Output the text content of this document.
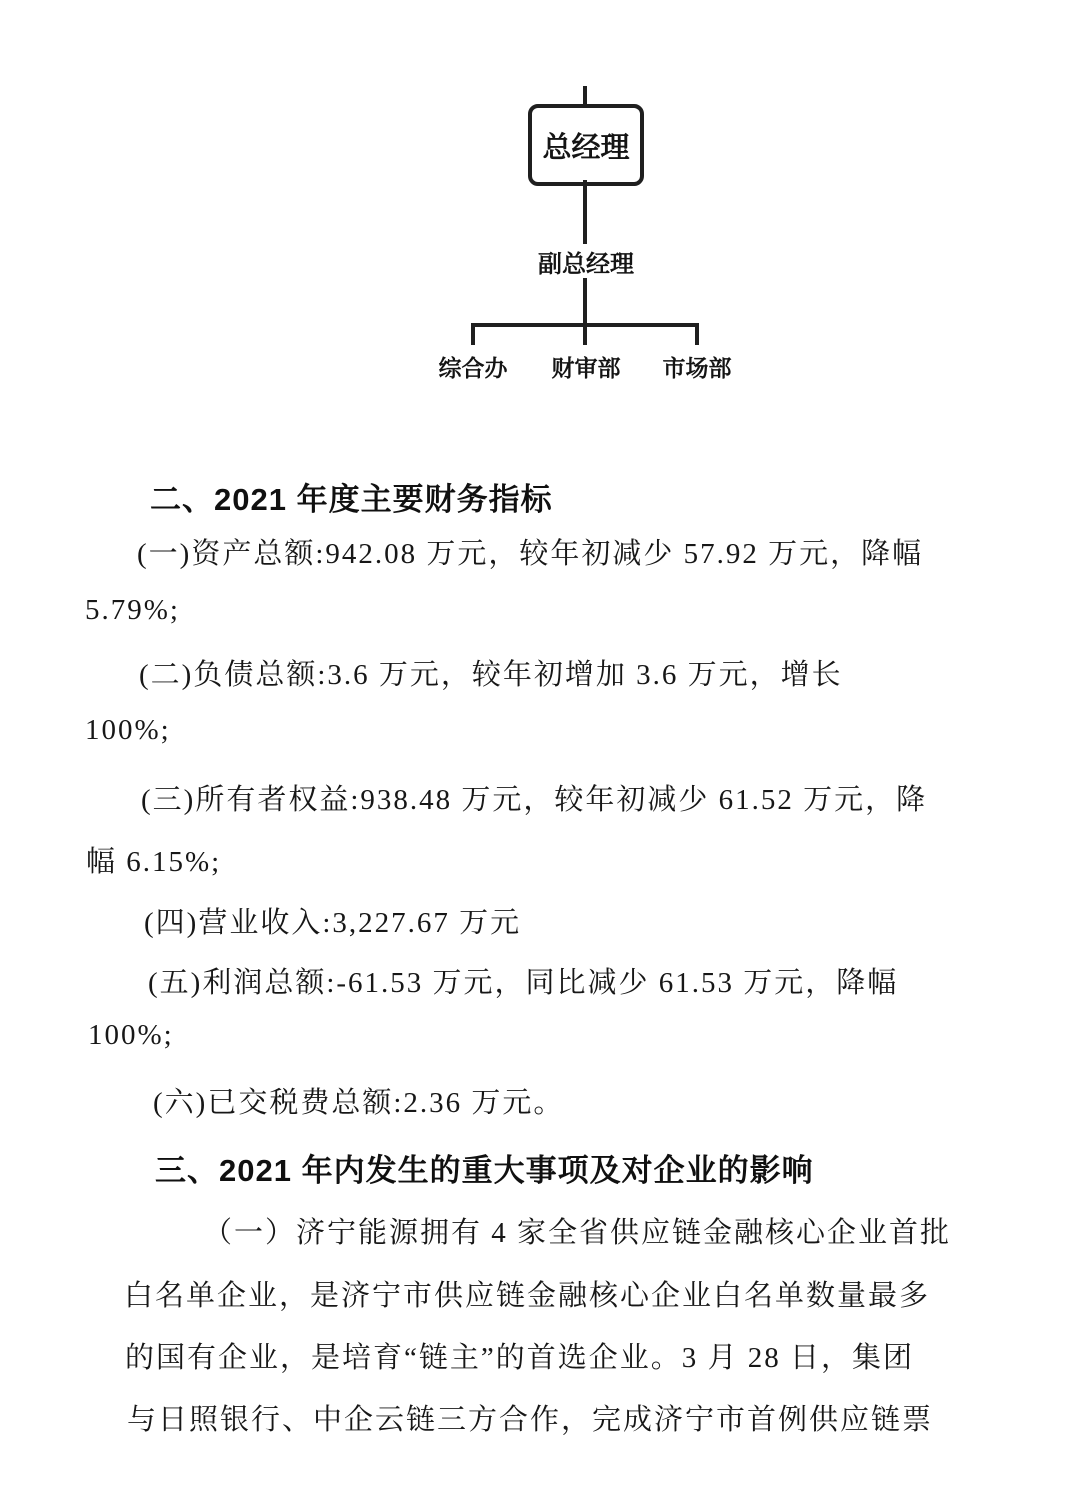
总经理
副总经理
综合办	财审部	市场部
二、2021 年度主要财务指标
(一)资产总额:942.08 万元，较年初减少 57.92 万元，降幅
5.79%;
(二)负债总额:3.6 万元，较年初增加 3.6 万元，增长
100%;
(三)所有者权益:938.48 万元，较年初减少 61.52 万元，降
幅 6.15%;
(四)营业收入:3,227.67 万元
(五)利润总额:-61.53 万元，同比减少 61.53 万元，降幅
100%;
(六)已交税费总额:2.36 万元。
三、2021 年内发生的重大事项及对企业的影响
（一）济宁能源拥有 4 家全省供应链金融核心企业首批
白名单企业，是济宁市供应链金融核心企业白名单数量最多
的国有企业，是培育“链主”的首选企业。3 月 28 日，集团
与日照银行、中企云链三方合作，完成济宁市首例供应链票
